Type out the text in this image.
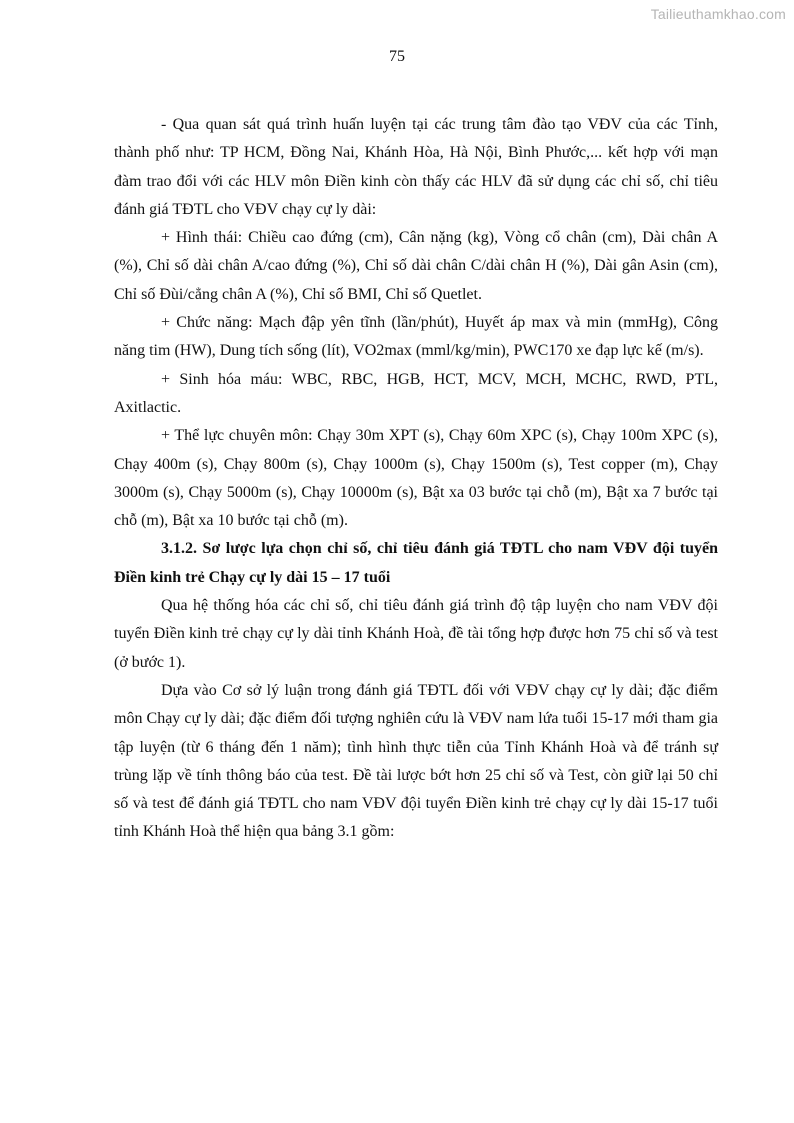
Tailieuthamkhao.com
75

- Qua quan sát quá trình huấn luyện tại các trung tâm đào tạo VĐV của các Tỉnh, thành phố như: TP HCM, Đồng Nai, Khánh Hòa, Hà Nội, Bình Phước,... kết hợp với mạn đàm trao đổi với các HLV môn Điền kinh còn thấy các HLV đã sử dụng các chỉ số, chỉ tiêu đánh giá TĐTL cho VĐV chạy cự ly dài:

+ Hình thái: Chiều cao đứng (cm), Cân nặng (kg), Vòng cổ chân (cm), Dài chân A (%), Chỉ số dài chân A/cao đứng (%), Chỉ số dài chân C/dài chân H (%), Dài gân Asin (cm), Chỉ số Đùi/cẳng chân A (%), Chỉ số BMI, Chỉ số Quetlet.

+ Chức năng: Mạch đập yên tĩnh (lần/phút), Huyết áp max và min (mmHg), Công năng tim (HW), Dung tích sống (lít), VO2max (mml/kg/min), PWC170 xe đạp lực kế (m/s).

+ Sinh hóa máu: WBC, RBC, HGB, HCT, MCV, MCH, MCHC, RWD, PTL, Axitlactic.

+ Thể lực chuyên môn: Chạy 30m XPT (s), Chạy 60m XPC (s), Chạy 100m XPC (s), Chạy 400m (s), Chạy 800m (s), Chạy 1000m (s), Chạy 1500m (s), Test copper (m), Chạy 3000m (s), Chạy 5000m (s), Chạy 10000m (s), Bật xa 03 bước tại chỗ (m), Bật xa 7 bước tại chỗ (m), Bật xa 10 bước tại chỗ (m).

3.1.2. Sơ lược lựa chọn chỉ số, chỉ tiêu đánh giá TĐTL cho nam VĐV đội tuyển Điền kinh trẻ Chạy cự ly dài 15 – 17 tuổi

Qua hệ thống hóa các chỉ số, chỉ tiêu đánh giá trình độ tập luyện cho nam VĐV đội tuyển Điền kinh trẻ chạy cự ly dài tỉnh Khánh Hoà, đề tài tổng hợp được hơn 75 chỉ số và test (ở bước 1).

Dựa vào Cơ sở lý luận trong đánh giá TĐTL đối với VĐV chạy cự ly dài; đặc điểm môn Chạy cự ly dài; đặc điểm đối tượng nghiên cứu là VĐV nam lứa tuổi 15-17 mới tham gia tập luyện (từ 6 tháng đến 1 năm); tình hình thực tiễn của Tỉnh Khánh Hoà và để tránh sự trùng lặp về tính thông báo của test. Đề tài lược bớt hơn 25 chỉ số và Test, còn giữ lại 50 chỉ số và test để đánh giá TĐTL cho nam VĐV đội tuyển Điền kinh trẻ chạy cự ly dài 15-17 tuổi tỉnh Khánh Hoà thể hiện qua bảng 3.1 gồm:
